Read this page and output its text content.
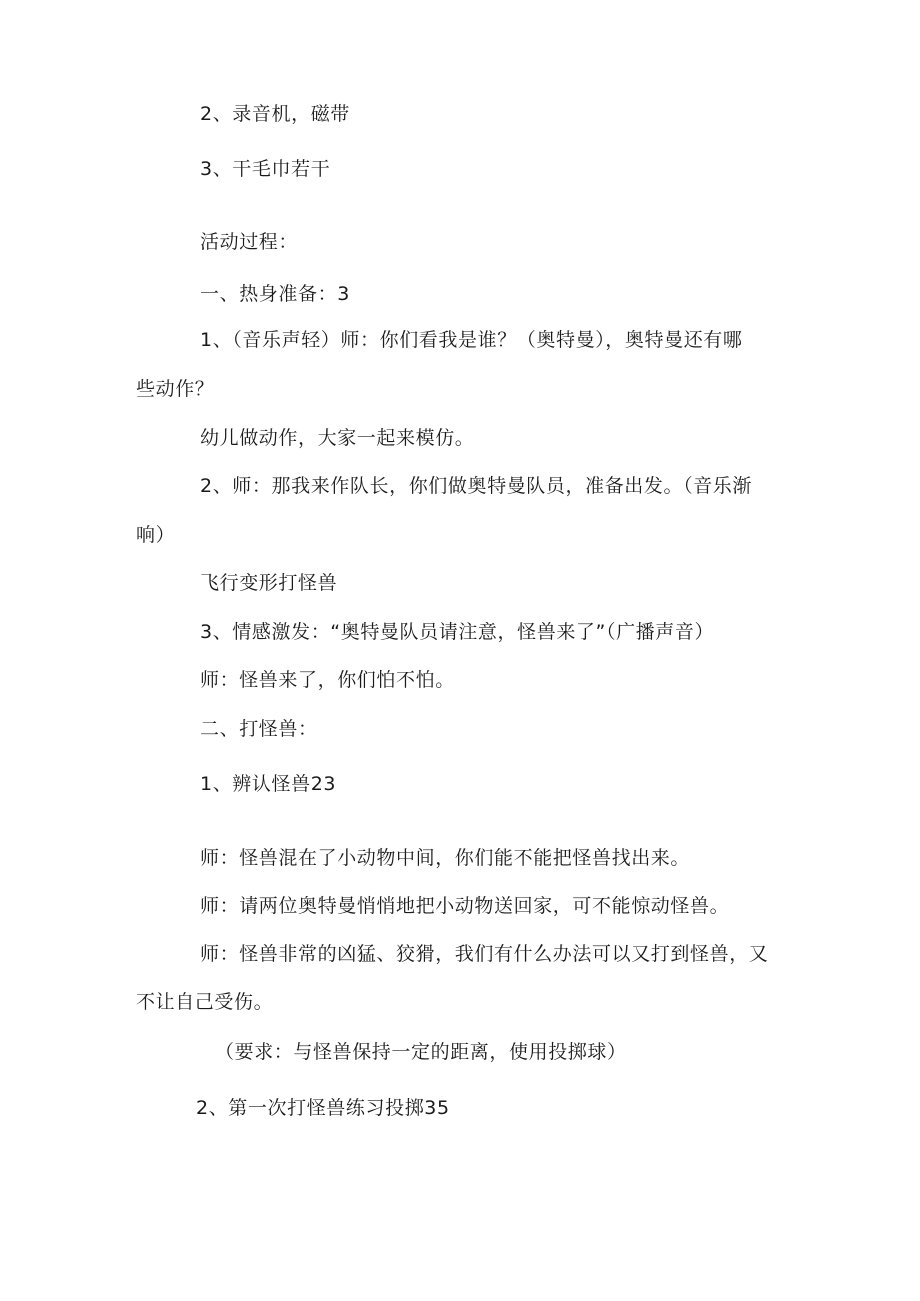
2、录音机，磁带
3、干毛巾若干
活动过程：
一、热身准备：3
1、（音乐声轻）师：你们看我是谁？（奥特曼），奥特曼还有哪
些动作？
幼儿做动作，大家一起来模仿。
2、师：那我来作队长，你们做奥特曼队员，准备出发。（音乐渐
响）
飞行变形打怪兽
3、情感激发：“奥特曼队员请注意，怪兽来了”（广播声音）
师：怪兽来了，你们怕不怕。
二、打怪兽：
1、辨认怪兽23
师：怪兽混在了小动物中间，你们能不能把怪兽找出来。
师：请两位奥特曼悄悄地把小动物送回家，可不能惊动怪兽。
师：怪兽非常的凶猛、狡猾，我们有什么办法可以又打到怪兽，又
不让自己受伤。
（要求：与怪兽保持一定的距离，使用投掷球）
2、第一次打怪兽练习投掷35
